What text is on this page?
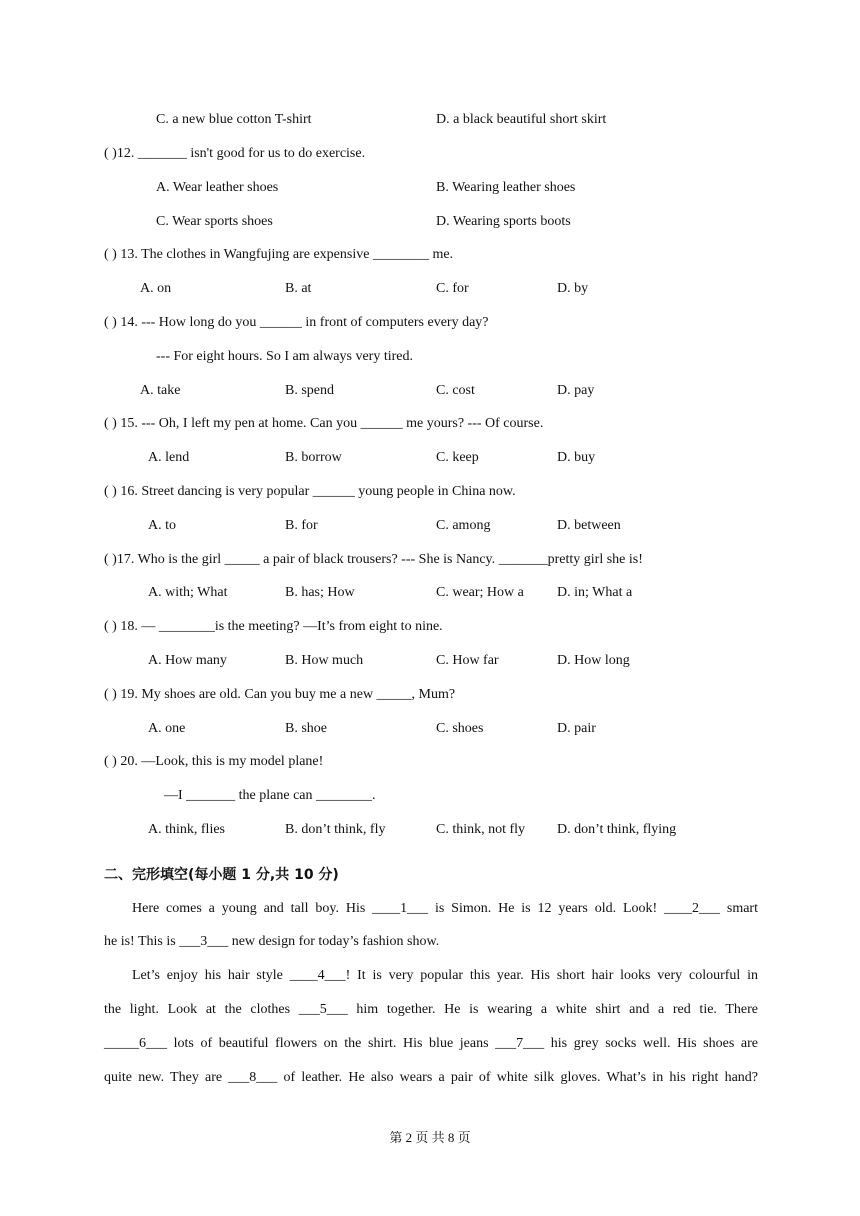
C. a new blue cotton T-shirt	D. a black beautiful short skirt
( )12. _______ isn't good for us to do exercise.
A. Wear leather shoes	B. Wearing leather shoes
C. Wear sports shoes	D. Wearing sports boots
( ) 13. The clothes in Wangfujing are expensive ________ me.
A. on	B. at	C. for	D. by
( ) 14. --- How long do you ______ in front of computers every day?
--- For eight hours. So I am always very tired.
A. take	B. spend	C. cost	D. pay
( ) 15. --- Oh, I left my pen at home. Can you ______ me yours? --- Of course.
A. lend	B. borrow	C. keep	D. buy
( ) 16. Street dancing is very popular ______ young people in China now.
A. to	B. for	C. among	D. between
( )17. Who is the girl _____ a pair of black trousers? --- She is Nancy. _______pretty girl she is!
A. with; What	B. has; How	C. wear; How a D. in; What a
( ) 18. — ________is the meeting? —It’s from eight to nine.
A. How many	B. How much	C. How far	D. How long
( ) 19. My shoes are old. Can you buy me a new _____, Mum?
A. one	B. shoe	C. shoes	D. pair
( ) 20. —Look, this is my model plane!
—I _______ the plane can ________.
A. think, flies	B. don’t think, fly	C. think, not fly D. don’t think, flying
二、完形填空(每小题 1 分,共 10 分)
Here comes a young and tall boy. His ____1___ is Simon. He is 12 years old. Look! ____2___ smart
he is! This is ___3___ new design for today’s fashion show.
Let’s enjoy his hair style ____4___! It is very popular this year. His short hair looks very colourful in
the light. Look at the clothes ___5___ him together. He is wearing a white shirt and a red tie. There
_____6___ lots of beautiful flowers on the shirt. His blue jeans ___7___ his grey socks well. His shoes are
quite new. They are ___8___ of leather. He also wears a pair of white silk gloves. What’s in his right hand?
第 2 页 共 8 页
